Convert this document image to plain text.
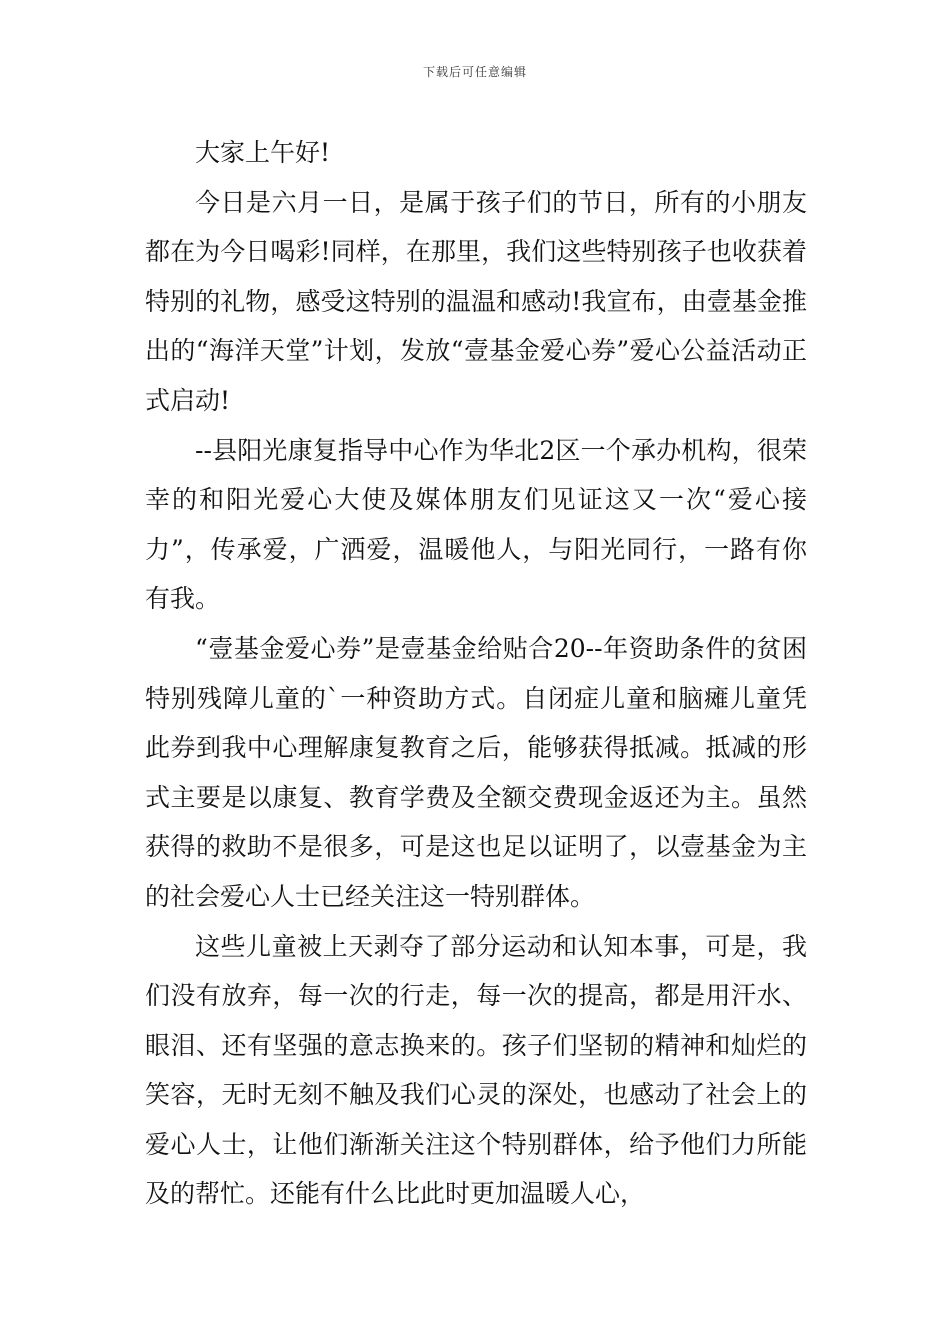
下载后可任意编辑

大家上午好!

今日是六月一日，是属于孩子们的节日，所有的小朋友都在为今日喝彩!同样，在那里，我们这些特别孩子也收获着特别的礼物，感受这特别的温温和感动!我宣布，由壹基金推出的“海洋天堂”计划，发放“壹基金爱心券”爱心公益活动正式启动!

--县阳光康复指导中心作为华北2区一个承办机构，很荣幸的和阳光爱心大使及媒体朋友们见证这又一次“爱心接力”，传承爱，广洒爱，温暖他人，与阳光同行，一路有你有我。

“壹基金爱心券”是壹基金给贴合20--年资助条件的贫困特别残障儿童的`一种资助方式。自闭症儿童和脑瘫儿童凭此券到我中心理解康复教育之后，能够获得抵减。抵减的形式主要是以康复、教育学费及全额交费现金返还为主。虽然获得的救助不是很多，可是这也足以证明了，以壹基金为主的社会爱心人士已经关注这一特别群体。

这些儿童被上天剥夺了部分运动和认知本事，可是，我们没有放弃，每一次的行走，每一次的提高，都是用汗水、眼泪、还有坚强的意志换来的。孩子们坚韧的精神和灿烂的笑容，无时无刻不触及我们心灵的深处，也感动了社会上的爱心人士，让他们渐渐关注这个特别群体，给予他们力所能及的帮忙。还能有什么比此时更加温暖人心，
